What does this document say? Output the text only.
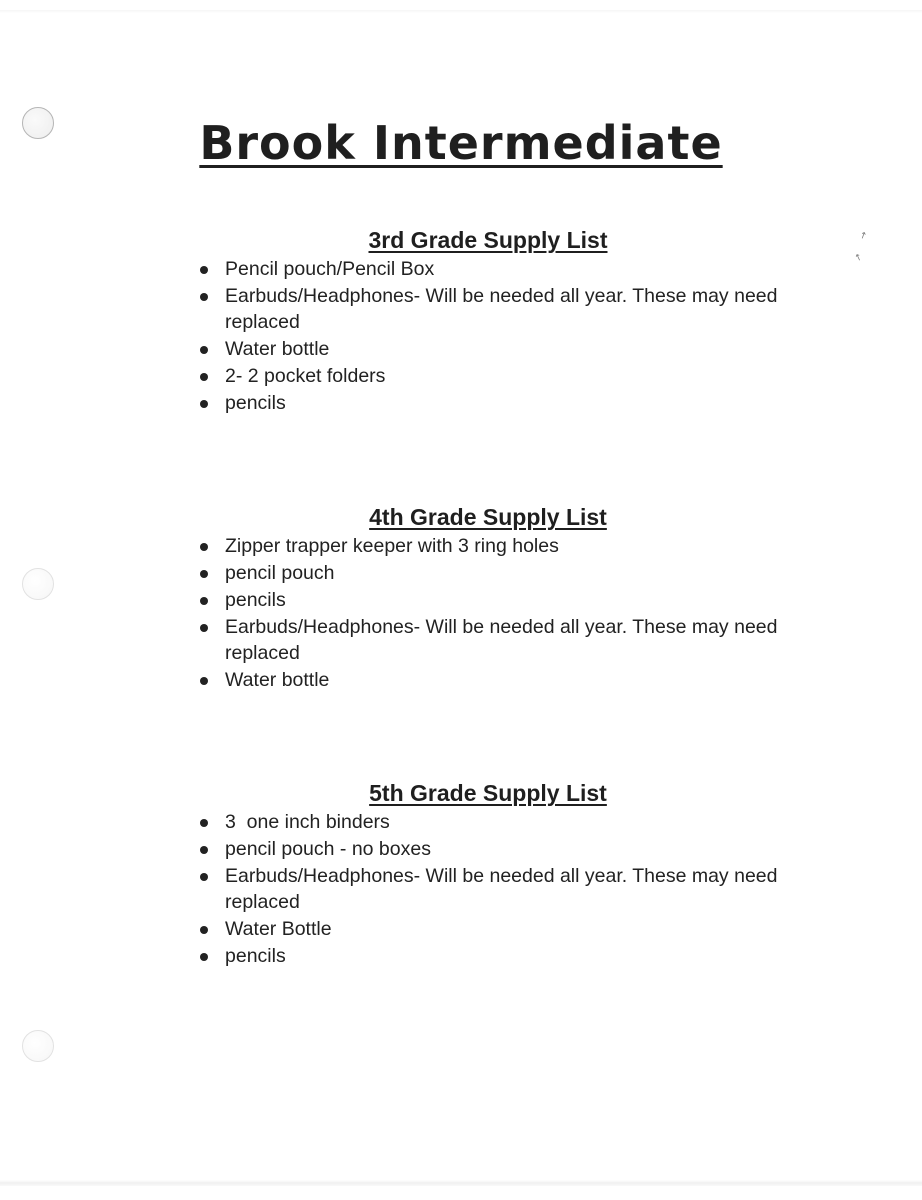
↗
↖
Brook Intermediate
3rd Grade Supply List
Pencil pouch/Pencil Box
Earbuds/Headphones- Will be needed all year. These may need replaced
Water bottle
2- 2 pocket folders
pencils
4th Grade Supply List
Zipper trapper keeper with 3 ring holes
pencil pouch
pencils
Earbuds/Headphones- Will be needed all year. These may need replaced
Water bottle
5th Grade Supply List
3  one inch binders
pencil pouch - no boxes
Earbuds/Headphones- Will be needed all year. These may need replaced
Water Bottle
pencils
